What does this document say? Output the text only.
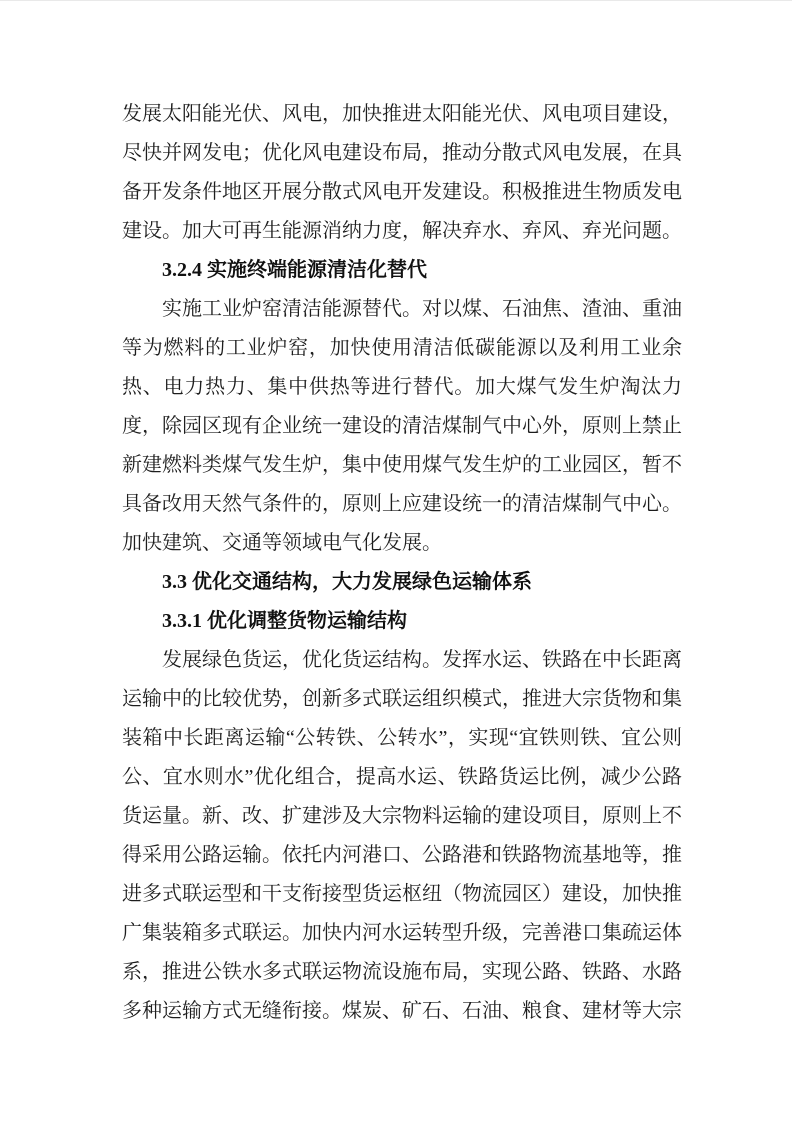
发展太阳能光伏、风电，加快推进太阳能光伏、风电项目建设，尽快并网发电；优化风电建设布局，推动分散式风电发展，在具备开发条件地区开展分散式风电开发建设。积极推进生物质发电建设。加大可再生能源消纳力度，解决弃水、弃风、弃光问题。

3.2.4 实施终端能源清洁化替代

实施工业炉窑清洁能源替代。对以煤、石油焦、渣油、重油等为燃料的工业炉窑，加快使用清洁低碳能源以及利用工业余热、电力热力、集中供热等进行替代。加大煤气发生炉淘汰力度，除园区现有企业统一建设的清洁煤制气中心外，原则上禁止新建燃料类煤气发生炉，集中使用煤气发生炉的工业园区，暂不具备改用天然气条件的，原则上应建设统一的清洁煤制气中心。加快建筑、交通等领域电气化发展。

3.3 优化交通结构，大力发展绿色运输体系
3.3.1 优化调整货物运输结构

发展绿色货运，优化货运结构。发挥水运、铁路在中长距离运输中的比较优势，创新多式联运组织模式，推进大宗货物和集装箱中长距离运输“公转铁、公转水”，实现“宜铁则铁、宜公则公、宜水则水”优化组合，提高水运、铁路货运比例，减少公路货运量。新、改、扩建涉及大宗物料运输的建设项目，原则上不得采用公路运输。依托内河港口、公路港和铁路物流基地等，推进多式联运型和干支衔接型货运枢纽（物流园区）建设，加快推广集装箱多式联运。加快内河水运转型升级，完善港口集疏运体系，推进公铁水多式联运物流设施布局，实现公路、铁路、水路多种运输方式无缝衔接。煤炭、矿石、石油、粮食、建材等大宗
